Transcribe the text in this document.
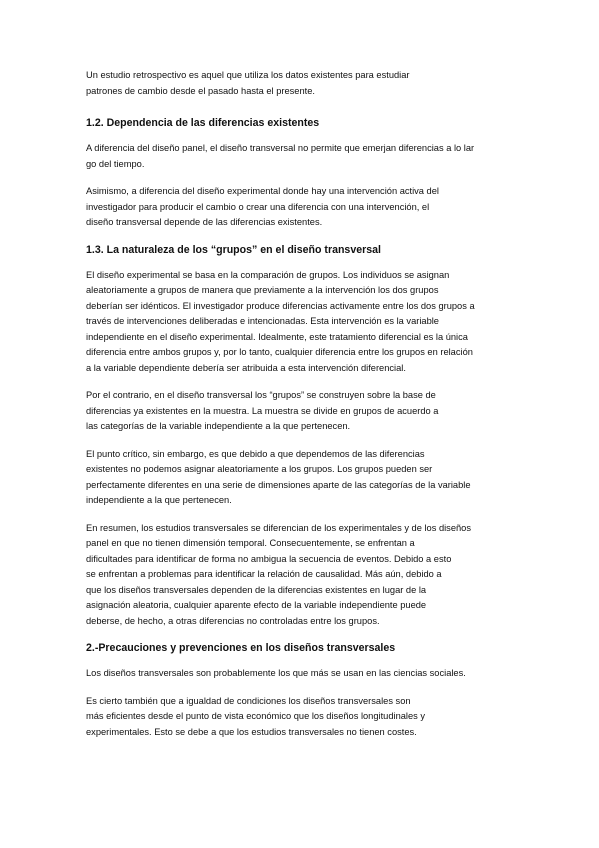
Un estudio retrospectivo es aquel que utiliza los datos existentes para estudiar
patrones de cambio desde el pasado hasta el presente.

1.2. Dependencia de las diferencias existentes

A diferencia del diseño panel, el diseño transversal no permite que emerjan diferencias a lo lar
go del tiempo.

Asimismo, a diferencia del diseño experimental donde hay una intervención activa del
investigador para producir el cambio o crear una diferencia con una intervención, el
diseño transversal depende de las diferencias existentes.

1.3. La naturaleza de los “grupos” en el diseño transversal

El diseño experimental se basa en la comparación de grupos. Los individuos se asignan
aleatoriamente a grupos de manera que previamente a la intervención los dos grupos
deberían ser idénticos. El investigador produce diferencias activamente entre los dos grupos a
través de intervenciones deliberadas e intencionadas. Esta intervención es la variable
independiente en el diseño experimental. Idealmente, este tratamiento diferencial es la única
diferencia entre ambos grupos y, por lo tanto, cualquier diferencia entre los grupos en relación
a la variable dependiente debería ser atribuida a esta intervención diferencial.

Por el contrario, en el diseño transversal los “grupos” se construyen sobre la base de
diferencias ya existentes en la muestra. La muestra se divide en grupos de acuerdo a
las categorías de la variable independiente a la que pertenecen.

El punto crítico, sin embargo, es que debido a que dependemos de las diferencias
existentes no podemos asignar aleatoriamente a los grupos. Los grupos pueden ser
perfectamente diferentes en una serie de dimensiones aparte de las categorías de la variable
independiente a la que pertenecen.

En resumen, los estudios transversales se diferencian de los experimentales y de los diseños
panel en que no tienen dimensión temporal. Consecuentemente, se enfrentan a
dificultades para identificar de forma no ambigua la secuencia de eventos. Debido a esto
se enfrentan a problemas para identificar la relación de causalidad. Más aún, debido a
que los diseños transversales dependen de la diferencias existentes en lugar de la
asignación aleatoria, cualquier aparente efecto de la variable independiente puede
deberse, de hecho, a otras diferencias no controladas entre los grupos.

2.-Precauciones y prevenciones en los diseños transversales

Los diseños transversales son probablemente los que más se usan en las ciencias sociales.

Es cierto también que a igualdad de condiciones los diseños transversales son
más eficientes desde el punto de vista económico que los diseños longitudinales y
experimentales. Esto se debe a que los estudios transversales no tienen costes.
